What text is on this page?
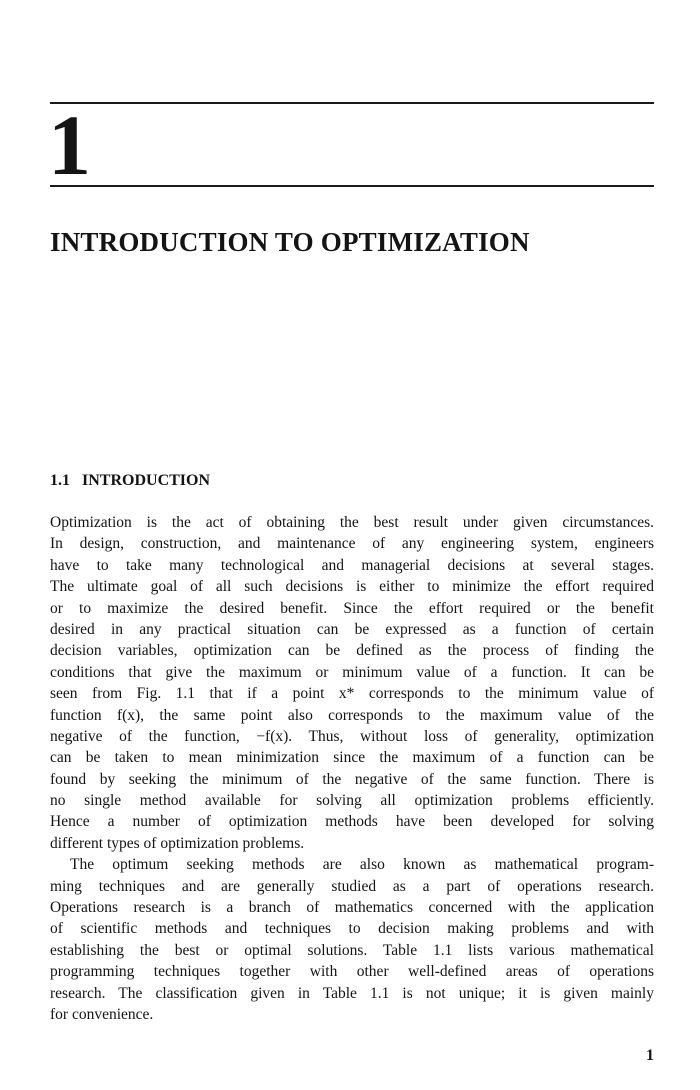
1
INTRODUCTION TO OPTIMIZATION
1.1 INTRODUCTION
Optimization is the act of obtaining the best result under given circumstances.
In design, construction, and maintenance of any engineering system, engineers
have to take many technological and managerial decisions at several stages.
The ultimate goal of all such decisions is either to minimize the effort required
or to maximize the desired benefit. Since the effort required or the benefit
desired in any practical situation can be expressed as a function of certain
decision variables, optimization can be defined as the process of finding the
conditions that give the maximum or minimum value of a function. It can be
seen from Fig. 1.1 that if a point x* corresponds to the minimum value of
function f(x), the same point also corresponds to the maximum value of the
negative of the function, −f(x). Thus, without loss of generality, optimization
can be taken to mean minimization since the maximum of a function can be
found by seeking the minimum of the negative of the same function. There is
no single method available for solving all optimization problems efficiently.
Hence a number of optimization methods have been developed for solving
different types of optimization problems.
The optimum seeking methods are also known as mathematical program-
ming techniques and are generally studied as a part of operations research.
Operations research is a branch of mathematics concerned with the application
of scientific methods and techniques to decision making problems and with
establishing the best or optimal solutions. Table 1.1 lists various mathematical
programming techniques together with other well-defined areas of operations
research. The classification given in Table 1.1 is not unique; it is given mainly
for convenience.
1
